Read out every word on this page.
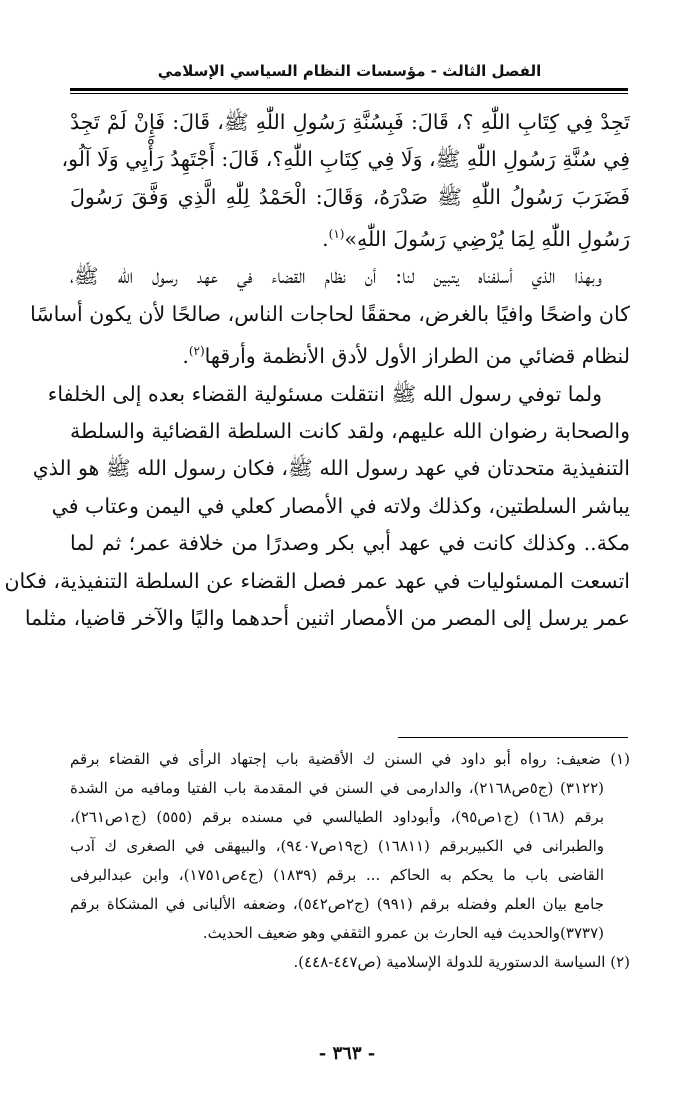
الفصل الثالث - مؤسسات النظام السياسي الإسلامي

تَجِدْ فِي كِتَابِ اللّٰهِ ؟، قَالَ: فَبِسُنَّةِ رَسُولِ اللّٰهِ ﷺ، قَالَ: فَإِنْ لَمْ تَجِدْ
فِي سُنَّةِ رَسُولِ اللّٰهِ ﷺ، وَلَا فِي كِتَابِ اللّٰهِ؟، قَالَ: أَجْتَهِدُ رَأْيِي وَلَا آلُو،
فَضَرَبَ رَسُولُ اللّٰهِ ﷺ صَدْرَهُ، وَقَالَ: الْحَمْدُ لِلّٰهِ الَّذِي وَفَّقَ رَسُولَ
رَسُولِ اللّٰهِ لِمَا يُرْضِي رَسُولَ اللّٰهِ»$^{(١)}$.

وبهذا الذي أسلفناه يتبين لنا: أن نظام القضاء في عهد رسول الله ﷺ،
كان واضحًا وافيًا بالغرض، محققًا لحاجات الناس، صالحًا لأن يكون أساسًا
لنظام قضائي من الطراز الأول لأدق الأنظمة وأرقها$^{(٢)}$.

ولما توفي رسول الله ﷺ انتقلت مسئولية القضاء بعده إلى الخلفاء
والصحابة رضوان الله عليهم، ولقد كانت السلطة القضائية والسلطة
التنفيذية متحدتان في عهد رسول الله ﷺ، فكان رسول الله ﷺ هو الذي
يباشر السلطتين، وكذلك ولاته في الأمصار كعلي في اليمن وعتاب في
مكة.. وكذلك كانت في عهد أبي بكر وصدرًا من خلافة عمر؛ ثم لما
اتسعت المسئوليات في عهد عمر فصل القضاء عن السلطة التنفيذية، فكان
عمر يرسل إلى المصر من الأمصار اثنين أحدهما واليًا والآخر قاضيا، مثلما

(١) ضعيف: رواه أبو داود في السنن ك الأقضية باب إجتهاد الرأى في القضاء برقم
(٣١٢٢) (ج٥ص٢١٦٨)، والدارمى في السنن في المقدمة باب الفتيا ومافيه من الشدة
برقم (١٦٨) (ج١ص٩٥)، وأبوداود الطيالسي في مسنده برقم (٥٥٥) (ج١ص٢٦١)،
والطبرانى في الكبيربرقم (١٦٨١١) (ج١٩ص٩٤٠٧)، والبيهقى في الصغرى ك آدب
القاضى باب ما يحكم به الحاكم ... برقم (١٨٣٩) (ج٤ص١٧٥١)، وابن عبدالبرفى
جامع بيان العلم وفضله برقم (٩٩١) (ج٢ص٥٤٢)، وضعفه الألبانى في المشكاة برقم
(٣٧٣٧)والحديث فيه الحارث بن عمرو الثقفي وهو ضعيف الحديث.
(٢) السياسة الدستورية للدولة الإسلامية (ص٤٤٧-٤٤٨).
- ٣٦٣ -
